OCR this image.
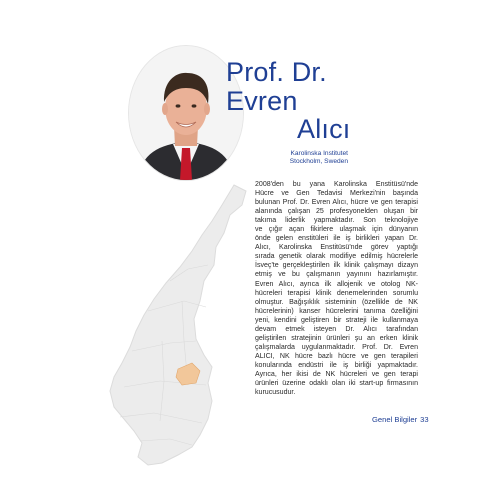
Prof. Dr.
Evren
Alıcı
Karolinska Institutet
Stockholm, Sweden
2008'den bu yana Karolinska Enstitüsü'nde
Hücre ve Gen Tedavisi Merkezi'nin başında
bulunan Prof. Dr. Evren Alıcı, hücre ve gen terapisi
alanında çalışan 25 profesyonelden oluşan bir
takıma liderlik yapmaktadır. Son teknolojiye
ve çığır açan fikirlere ulaşmak için dünyanın
önde gelen enstitüleri ile iş birlikleri yapan Dr.
Alıcı, Karolinska Enstitüsü'nde görev yaptığı
sırada genetik olarak modifiye edilmiş hücrelerle
İsveç'te gerçekleştirilen ilk klinik çalışmayı dizayn
etmiş ve bu çalışmanın yayınını hazırlamıştır.
Evren Alıcı, ayrıca ilk allojenik ve otolog NK-
hücreleri terapisi klinik denemelerinden sorumlu
olmuştur. Bağışıklık sisteminin (özellikle de NK
hücrelerinin) kanser hücrelerini tanıma özelliğini
yeni, kendini geliştiren bir strateji ile kullanmaya
devam etmek isteyen Dr. Alıcı tarafından
geliştirilen stratejinin ürünleri şu an erken klinik
çalışmalarda uygulanmaktadır. Prof. Dr. Evren
ALICI, NK hücre bazlı hücre ve gen terapileri
konularında endüstri ile iş birliği yapmaktadır.
Ayrıca, her ikisi de NK hücreleri ve gen terapi
ürünleri üzerine odaklı olan iki start-up firmasının
kurucusudur.
Genel Bilgiler 33
